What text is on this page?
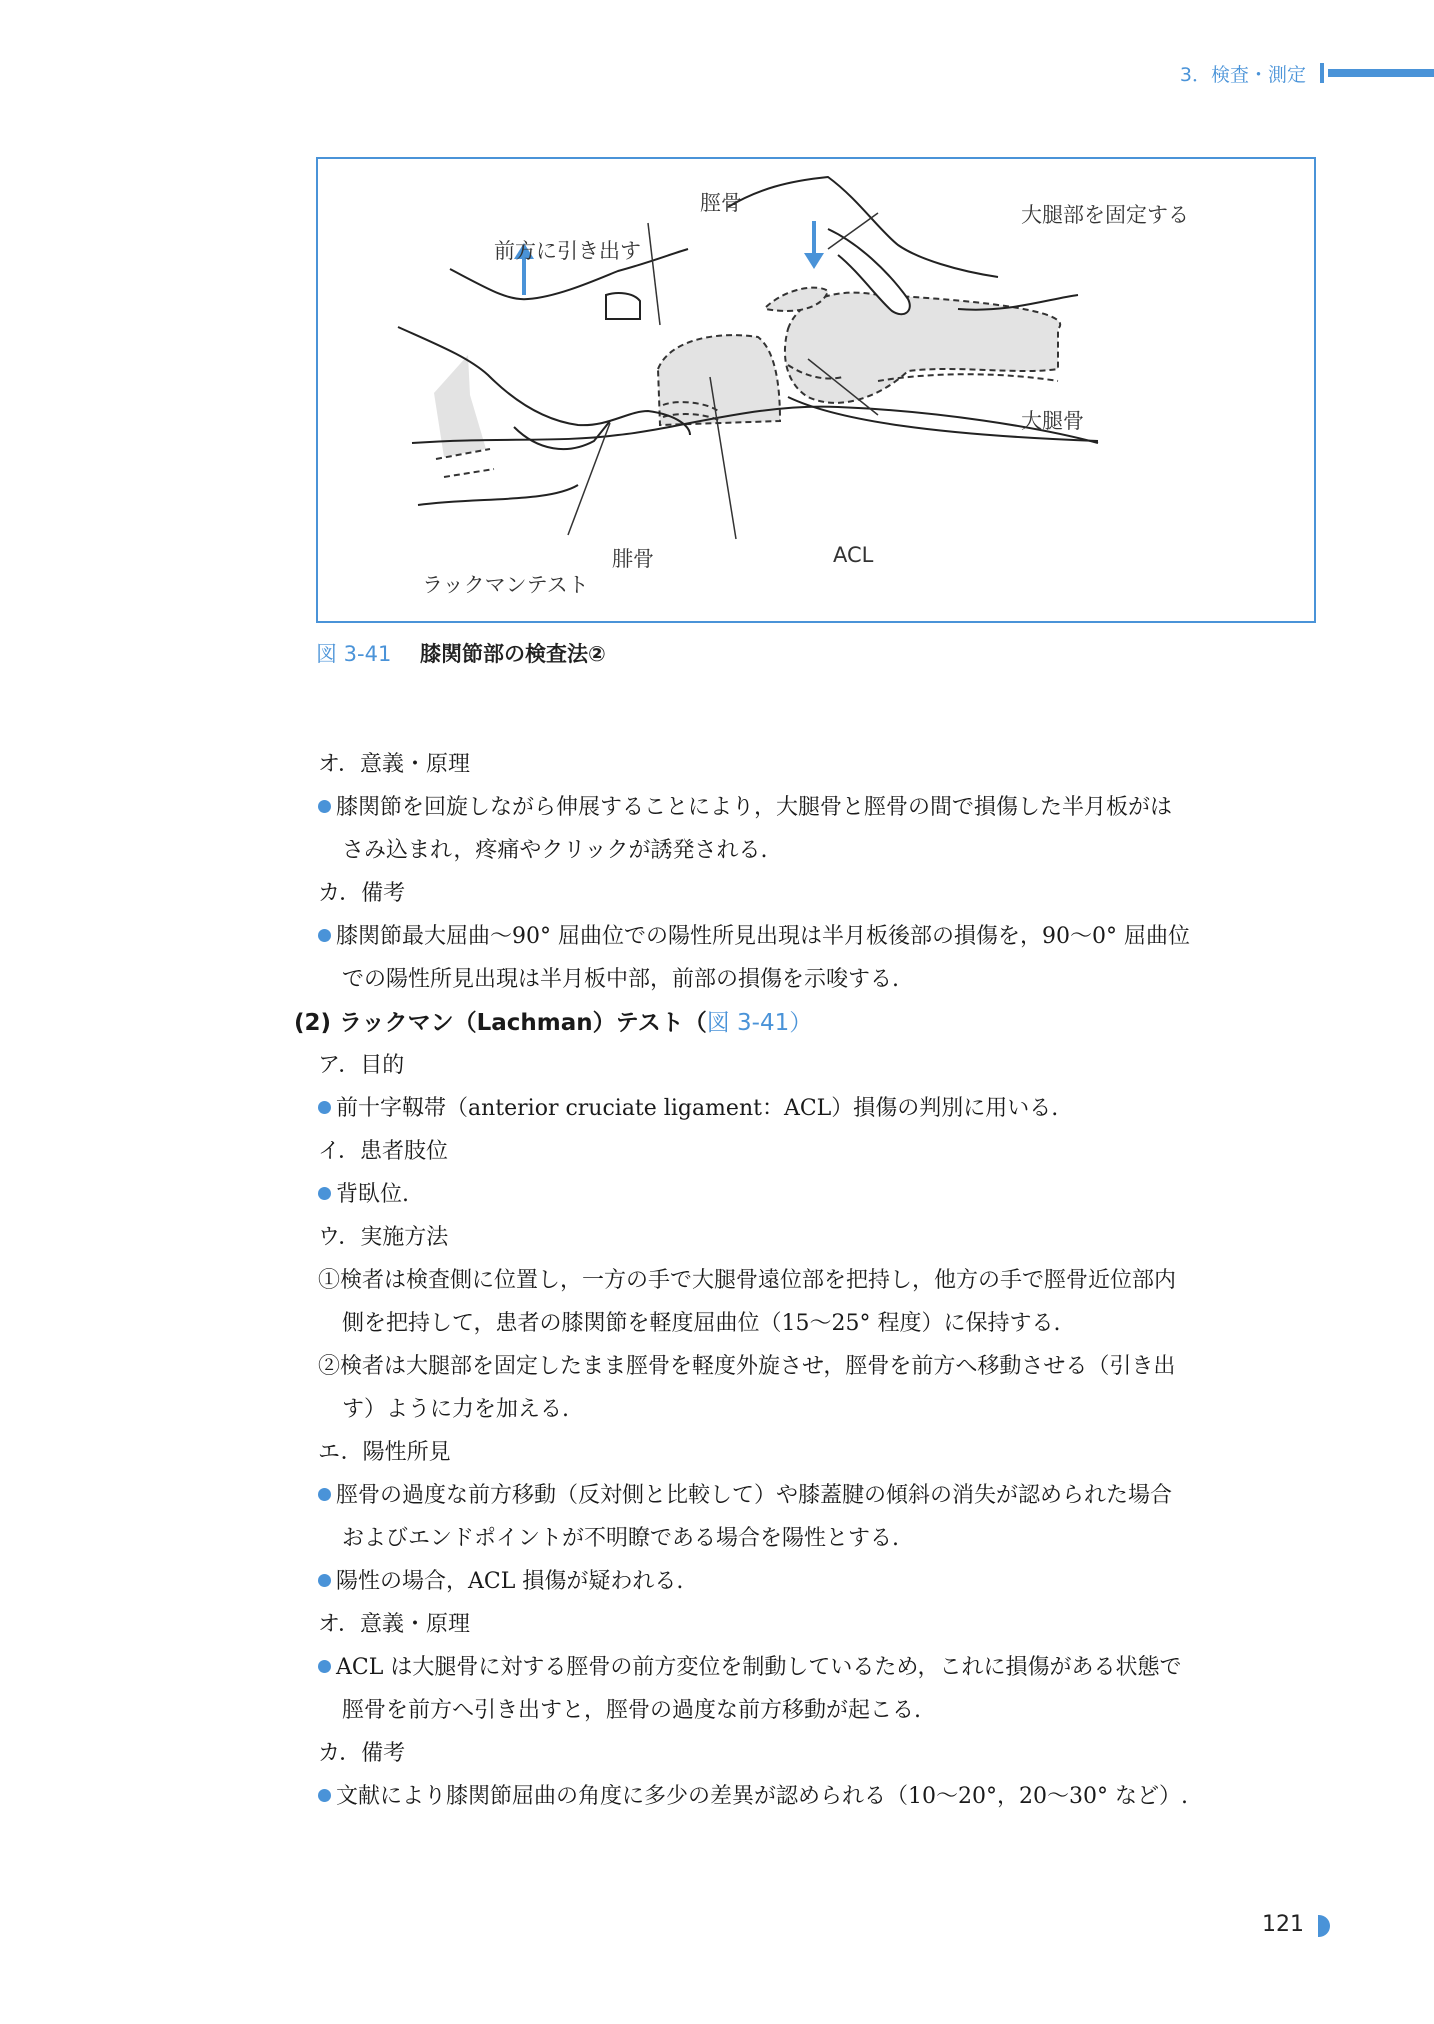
3．検査・測定
脛骨
前方に引き出す
大腿部を固定する
大腿骨
腓骨	ACL
ラックマンテスト
図 3-41 膝関節部の検査法②
オ．意義・原理
膝関節を回旋しながら伸展することにより，大腿骨と脛骨の間で損傷した半月板がは
さみ込まれ，疼痛やクリックが誘発される.
カ．備考
膝関節最大屈曲～90° 屈曲位での陽性所見出現は半月板後部の損傷を，90～0° 屈曲位
での陽性所見出現は半月板中部，前部の損傷を示唆する.
(2) ラックマン（Lachman）テスト（図 3-41）
ア．目的
前十字靱帯（anterior cruciate ligament：ACL）損傷の判別に用いる.
イ．患者肢位
背臥位.
ウ．実施方法
①検者は検査側に位置し，一方の手で大腿骨遠位部を把持し，他方の手で脛骨近位部内
側を把持して，患者の膝関節を軽度屈曲位（15～25° 程度）に保持する.
②検者は大腿部を固定したまま脛骨を軽度外旋させ，脛骨を前方へ移動させる（引き出
す）ように力を加える.
エ．陽性所見
脛骨の過度な前方移動（反対側と比較して）や膝蓋腱の傾斜の消失が認められた場合
およびエンドポイントが不明瞭である場合を陽性とする.
陽性の場合，ACL 損傷が疑われる.
オ．意義・原理
ACL は大腿骨に対する脛骨の前方変位を制動しているため，これに損傷がある状態で
脛骨を前方へ引き出すと，脛骨の過度な前方移動が起こる.
カ．備考
文献により膝関節屈曲の角度に多少の差異が認められる（10～20°，20～30° など）.
121
